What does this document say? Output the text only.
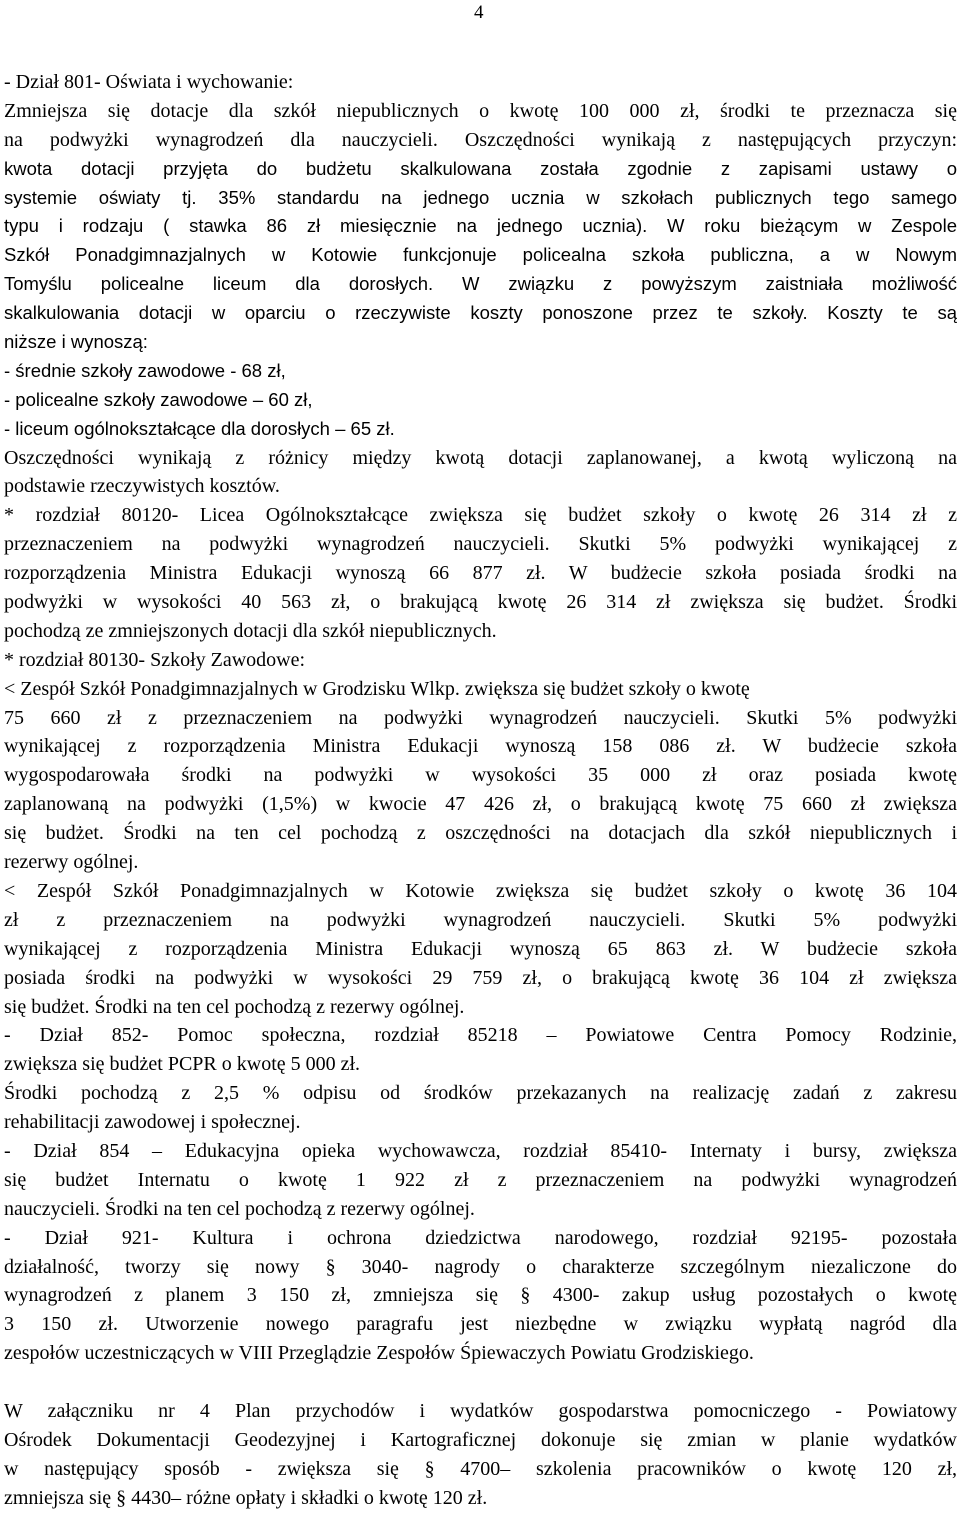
4
- Dział 801- Oświata i wychowanie:
Zmniejsza się dotacje dla szkół niepublicznych o kwotę 100 000 zł, środki te przeznacza się
na podwyżki wynagrodzeń dla nauczycieli. Oszczędności wynikają z następujących przyczyn:
kwota dotacji przyjęta do budżetu skalkulowana została zgodnie z zapisami ustawy o
systemie oświaty tj. 35% standardu na jednego ucznia w szkołach publicznych tego samego
typu i rodzaju ( stawka 86 zł miesięcznie na jednego ucznia). W roku bieżącym w Zespole
Szkół Ponadgimnazjalnych w Kotowie funkcjonuje policealna szkoła publiczna, a w Nowym
Tomyślu policealne liceum dla dorosłych. W związku z powyższym zaistniała możliwość
skalkulowania dotacji w oparciu o rzeczywiste koszty ponoszone przez te szkoły. Koszty te są
niższe i wynoszą:
- średnie szkoły zawodowe - 68 zł,
- policealne szkoły zawodowe – 60 zł,
- liceum ogólnokształcące dla dorosłych – 65 zł.
Oszczędności wynikają z różnicy między kwotą dotacji zaplanowanej, a kwotą wyliczoną na
podstawie rzeczywistych kosztów.
* rozdział 80120- Licea Ogólnokształcące zwiększa się budżet szkoły o kwotę 26 314 zł z
przeznaczeniem na podwyżki wynagrodzeń nauczycieli. Skutki 5% podwyżki wynikającej z
rozporządzenia Ministra Edukacji wynoszą 66 877 zł. W budżecie szkoła posiada środki na
podwyżki w wysokości 40 563 zł, o brakującą kwotę 26 314 zł zwiększa się budżet. Środki
pochodzą ze zmniejszonych dotacji dla szkół niepublicznych.
* rozdział 80130- Szkoły Zawodowe:
< Zespół Szkół Ponadgimnazjalnych w Grodzisku Wlkp. zwiększa się budżet szkoły o kwotę
75 660 zł z przeznaczeniem na podwyżki wynagrodzeń nauczycieli. Skutki 5% podwyżki
wynikającej z rozporządzenia Ministra Edukacji wynoszą 158 086 zł. W budżecie szkoła
wygospodarowała środki na podwyżki w wysokości 35 000 zł oraz posiada kwotę
zaplanowaną na podwyżki (1,5%) w kwocie 47 426 zł, o brakującą kwotę 75 660 zł zwiększa
się budżet. Środki na ten cel pochodzą z oszczędności na dotacjach dla szkół niepublicznych i
rezerwy ogólnej.
< Zespół Szkół Ponadgimnazjalnych w Kotowie zwiększa się budżet szkoły o kwotę 36 104
zł z przeznaczeniem na podwyżki wynagrodzeń nauczycieli. Skutki 5% podwyżki
wynikającej z rozporządzenia Ministra Edukacji wynoszą 65 863 zł. W budżecie szkoła
posiada środki na podwyżki w wysokości 29 759 zł, o brakującą kwotę 36 104 zł zwiększa
się budżet. Środki na ten cel pochodzą z rezerwy ogólnej.
- Dział 852- Pomoc społeczna, rozdział 85218 – Powiatowe Centra Pomocy Rodzinie,
zwiększa się budżet PCPR o kwotę 5 000 zł.
Środki pochodzą z 2,5 % odpisu od środków przekazanych na realizację zadań z zakresu
rehabilitacji zawodowej i społecznej.
- Dział 854 – Edukacyjna opieka wychowawcza, rozdział 85410- Internaty i bursy, zwiększa
się budżet Internatu o kwotę 1 922 zł z przeznaczeniem na podwyżki wynagrodzeń
nauczycieli. Środki na ten cel pochodzą z rezerwy ogólnej.
- Dział 921- Kultura i ochrona dziedzictwa narodowego, rozdział 92195- pozostała
działalność, tworzy się nowy § 3040- nagrody o charakterze szczególnym niezaliczone do
wynagrodzeń z planem 3 150 zł, zmniejsza się § 4300- zakup usług pozostałych o kwotę
3 150 zł. Utworzenie nowego paragrafu jest niezbędne w związku wypłatą nagród dla
zespołów uczestniczących w VIII Przeglądzie Zespołów Śpiewaczych Powiatu Grodziskiego.
W załączniku nr 4 Plan przychodów i wydatków gospodarstwa pomocniczego - Powiatowy
Ośrodek Dokumentacji Geodezyjnej i Kartograficznej dokonuje się zmian w planie wydatków
w następujący sposób - zwiększa się § 4700– szkolenia pracowników o kwotę 120 zł,
zmniejsza się § 4430– różne opłaty i składki o kwotę 120 zł.
